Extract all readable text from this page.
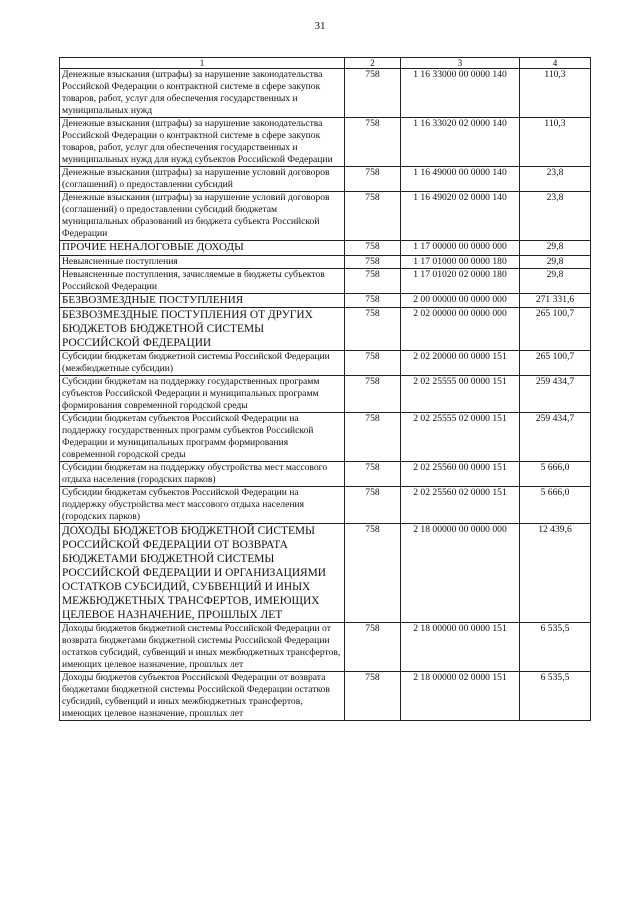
31
1	2	3	4
Денежные взыскания (штрафы) за нарушение законодательства Российской Федерации о контрактной системе в сфере закупок товаров, работ, услуг для обеспечения государственных и муниципальных нужд	758	1 16 33000 00 0000 140	110,3
Денежные взыскания (штрафы) за нарушение законодательства Российской Федерации о контрактной системе в сфере закупок товаров, работ, услуг для обеспечения государственных и муниципальных нужд для нужд субъектов Российской Федерации	758	1 16 33020 02 0000 140	110,3
Денежные взыскания (штрафы) за нарушение условий договоров (соглашений) о предоставлении субсидий	758	1 16 49000 00 0000 140	23,8
Денежные взыскания (штрафы) за нарушение условий договоров (соглашений) о предоставлении субсидий бюджетам муниципальных образований из бюджета субъекта Российской Федерации	758	1 16 49020 02 0000 140	23,8
ПРОЧИЕ НЕНАЛОГОВЫЕ ДОХОДЫ	758	1 17 00000 00 0000 000	29,8
Невыясненные поступления	758	1 17 01000 00 0000 180	29,8
Невыясненные поступления, зачисляемые в бюджеты субъектов Российской Федерации	758	1 17 01020 02 0000 180	29,8
БЕЗВОЗМЕЗДНЫЕ ПОСТУПЛЕНИЯ	758	2 00 00000 00 0000 000	271 331,6
БЕЗВОЗМЕЗДНЫЕ ПОСТУПЛЕНИЯ ОТ ДРУГИХ БЮДЖЕТОВ БЮДЖЕТНОЙ СИСТЕМЫ РОССИЙСКОЙ ФЕДЕРАЦИИ	758	2 02 00000 00 0000 000	265 100,7
Субсидии бюджетам бюджетной системы Российской Федерации (межбюджетные субсидии)	758	2 02 20000 00 0000 151	265 100,7
Субсидии бюджетам на поддержку государственных программ субъектов Российской Федерации и муниципальных программ формирования современной городской среды	758	2 02 25555 00 0000 151	259 434,7
Субсидии бюджетам субъектов Российской Федерации на поддержку государственных программ субъектов Российской Федерации и муниципальных программ формирования современной городской среды	758	2 02 25555 02 0000 151	259 434,7
Субсидии бюджетам на поддержку обустройства мест массового отдыха населения (городских парков)	758	2 02 25560 00 0000 151	5 666,0
Субсидии бюджетам субъектов Российской Федерации на поддержку обустройства мест массового отдыха населения (городских парков)	758	2 02 25560 02 0000 151	5 666,0
ДОХОДЫ БЮДЖЕТОВ БЮДЖЕТНОЙ СИСТЕМЫ РОССИЙСКОЙ ФЕДЕРАЦИИ ОТ ВОЗВРАТА БЮДЖЕТАМИ БЮДЖЕТНОЙ СИСТЕМЫ РОССИЙСКОЙ ФЕДЕРАЦИИ И ОРГАНИЗАЦИЯМИ ОСТАТКОВ СУБСИДИЙ, СУБВЕНЦИЙ И ИНЫХ МЕЖБЮДЖЕТНЫХ ТРАНСФЕРТОВ, ИМЕЮЩИХ ЦЕЛЕВОЕ НАЗНАЧЕНИЕ, ПРОШЛЫХ ЛЕТ	758	2 18 00000 00 0000 000	12 439,6
Доходы бюджетов бюджетной системы Российской Федерации от возврата бюджетами бюджетной системы Российской Федерации остатков субсидий, субвенций и иных межбюджетных трансфертов, имеющих целевое назначение, прошлых лет	758	2 18 00000 00 0000 151	6 535,5
Доходы бюджетов субъектов Российской Федерации от возврата бюджетами бюджетной системы Российской Федерации остатков субсидий, субвенций и иных межбюджетных трансфертов, имеющих целевое назначение, прошлых лет	758	2 18 00000 02 0000 151	6 535,5
